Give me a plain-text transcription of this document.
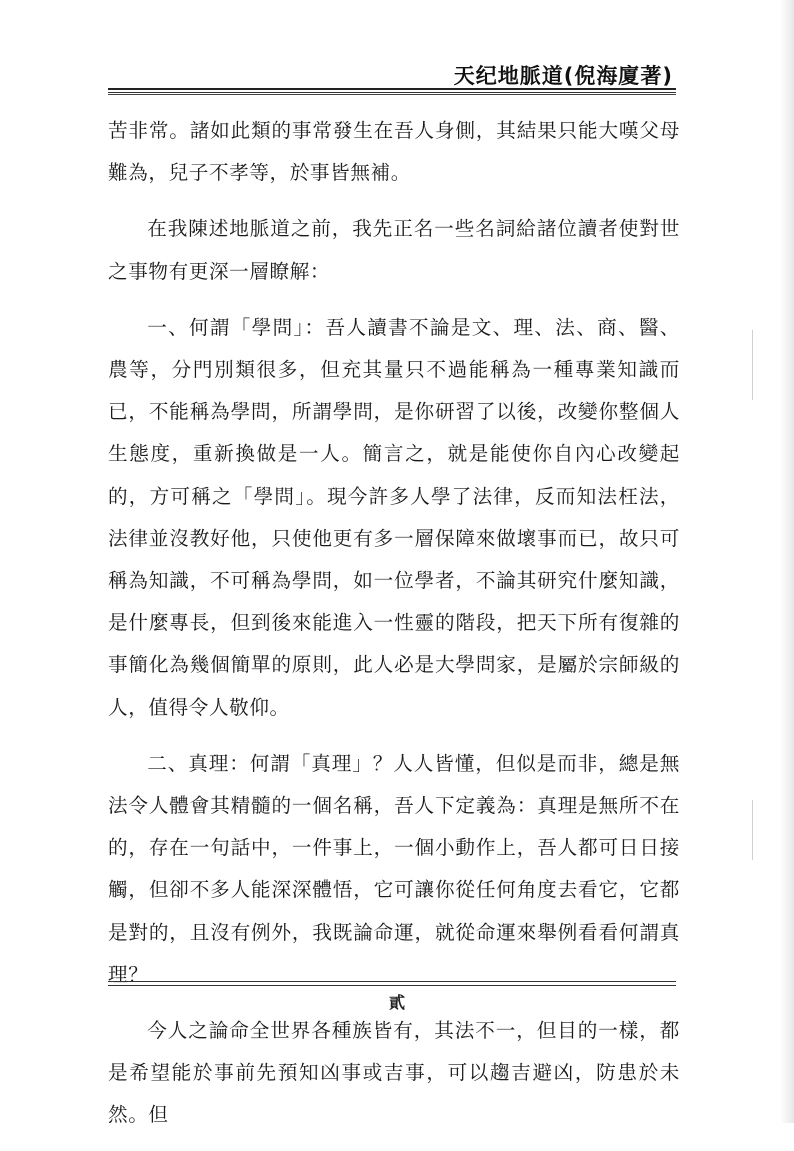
天纪地脈道(倪海廈著)

苦非常。諸如此類的事常發生在吾人身側，其結果只能大嘆父母難為，兒子不孝等，於事皆無補。

在我陳述地脈道之前，我先正名一些名詞給諸位讀者使對世之事物有更深一層瞭解：

一、何謂「學問」：吾人讀書不論是文、理、法、商、醫、農等，分門別類很多，但充其量只不過能稱為一種專業知識而已，不能稱為學問，所謂學問，是你研習了以後，改變你整個人生態度，重新換做是一人。簡言之，就是能使你自內心改變起的，方可稱之「學問」。現今許多人學了法律，反而知法枉法，法律並沒教好他，只使他更有多一層保障來做壞事而已，故只可稱為知識，不可稱為學問，如一位學者，不論其研究什麼知識，是什麼專長，但到後來能進入一性靈的階段，把天下所有復雜的事簡化為幾個簡單的原則，此人必是大學問家，是屬於宗師級的人，值得令人敬仰。

二、真理：何謂「真理」？人人皆懂，但似是而非，總是無法令人體會其精髓的一個名稱，吾人下定義為：真理是無所不在的，存在一句話中，一件事上，一個小動作上，吾人都可日日接觸，但卻不多人能深深體悟，它可讓你從任何角度去看它，它都是對的，且沒有例外，我既論命運，就從命運來舉例看看何謂真理？

今人之論命全世界各種族皆有，其法不一，但目的一樣，都是希望能於事前先預知凶事或吉事，可以趨吉避凶，防患於未然。但

貳
